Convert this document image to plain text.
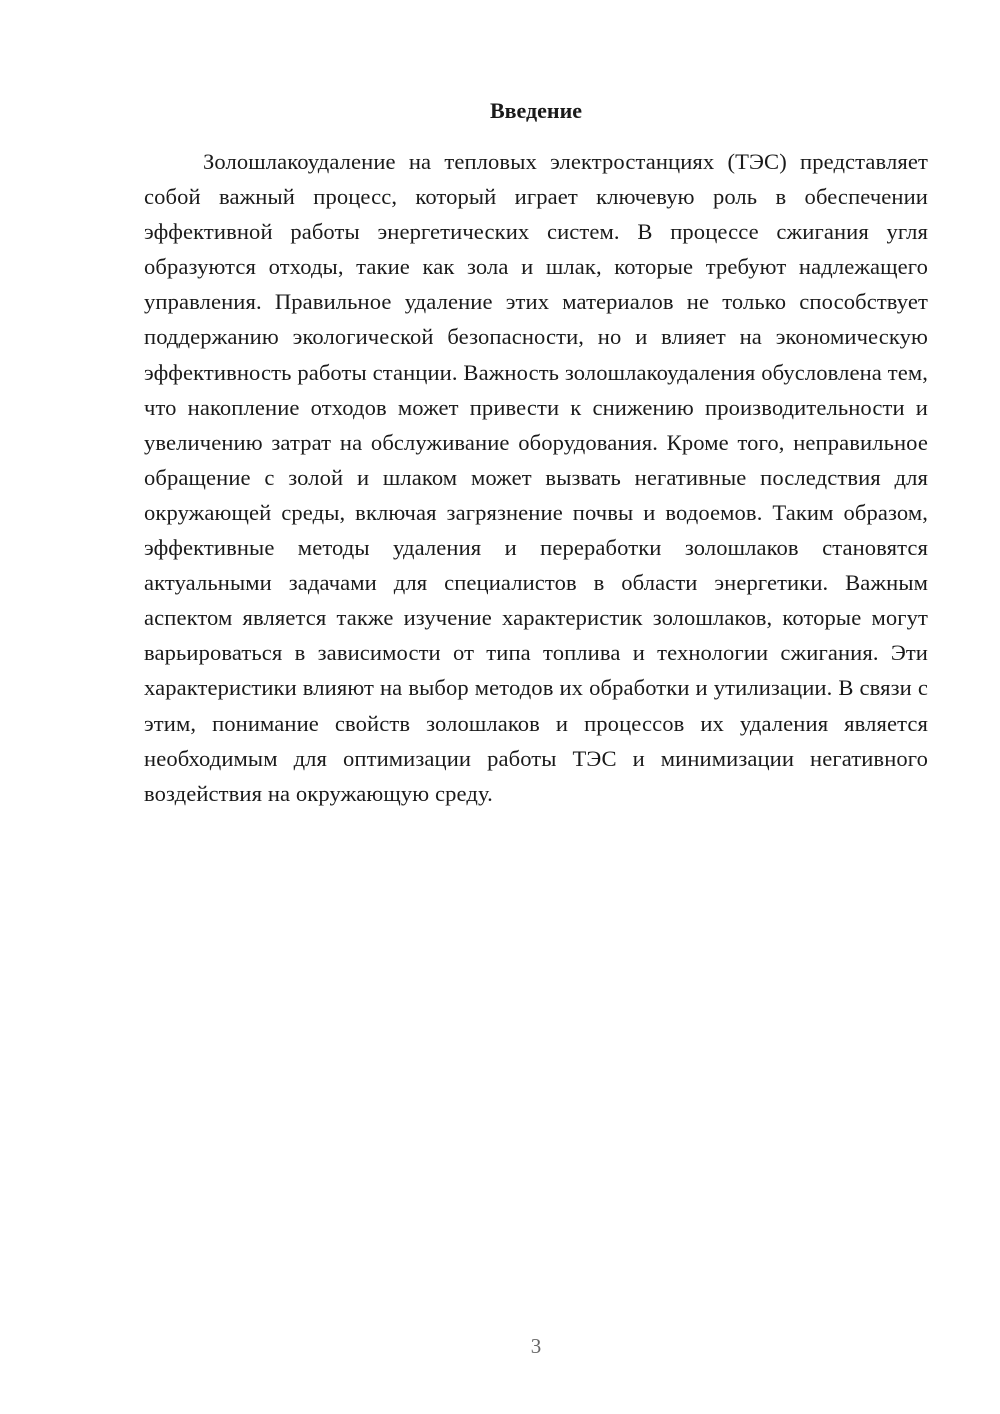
Введение

Золошлакоудаление на тепловых электростанциях (ТЭС) представляет собой важный процесс, который играет ключевую роль в обеспечении эффективной работы энергетических систем. В процессе сжигания угля образуются отходы, такие как зола и шлак, которые требуют надлежащего управления. Правильное удаление этих материалов не только способствует поддержанию экологической безопасности, но и влияет на экономическую эффективность работы станции. Важность золошлакоудаления обусловлена тем, что накопление отходов может привести к снижению производительности и увеличению затрат на обслуживание оборудования. Кроме того, неправильное обращение с золой и шлаком может вызвать негативные последствия для окружающей среды, включая загрязнение почвы и водоемов. Таким образом, эффективные методы удаления и переработки золошлаков становятся актуальными задачами для специалистов в области энергетики. Важным аспектом является также изучение характеристик золошлаков, которые могут варьироваться в зависимости от типа топлива и технологии сжигания. Эти характеристики влияют на выбор методов их обработки и утилизации. В связи с этим, понимание свойств золошлаков и процессов их удаления является необходимым для оптимизации работы ТЭС и минимизации негативного воздействия на окружающую среду.

3
